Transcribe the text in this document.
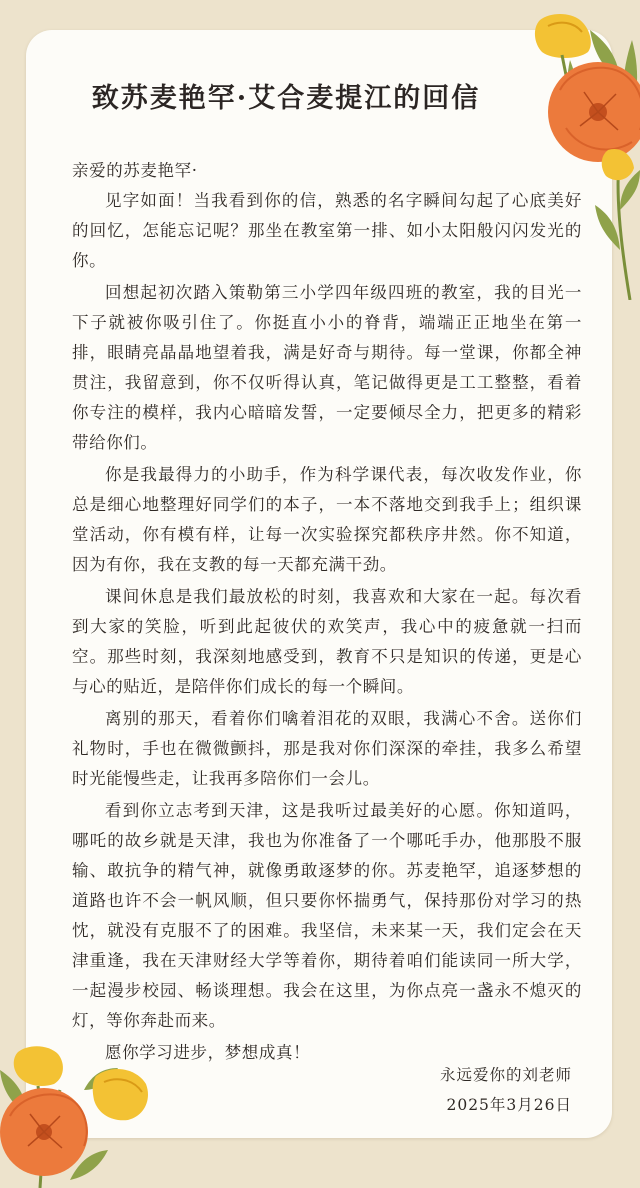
致苏麦艳罕·艾合麦提江的回信

亲爱的苏麦艳罕·

见字如面！当我看到你的信，熟悉的名字瞬间勾起了心底美好的回忆，怎能忘记呢？那坐在教室第一排、如小太阳般闪闪发光的你。

回想起初次踏入策勒第三小学四年级四班的教室，我的目光一下子就被你吸引住了。你挺直小小的脊背，端端正正地坐在第一排，眼睛亮晶晶地望着我，满是好奇与期待。每一堂课，你都全神贯注，我留意到，你不仅听得认真，笔记做得更是工工整整，看着你专注的模样，我内心暗暗发誓，一定要倾尽全力，把更多的精彩带给你们。

你是我最得力的小助手，作为科学课代表，每次收发作业，你总是细心地整理好同学们的本子，一本不落地交到我手上；组织课堂活动，你有模有样，让每一次实验探究都秩序井然。你不知道，因为有你，我在支教的每一天都充满干劲。

课间休息是我们最放松的时刻，我喜欢和大家在一起。每次看到大家的笑脸，听到此起彼伏的欢笑声，我心中的疲惫就一扫而空。那些时刻，我深刻地感受到，教育不只是知识的传递，更是心与心的贴近，是陪伴你们成长的每一个瞬间。

离别的那天，看着你们噙着泪花的双眼，我满心不舍。送你们礼物时，手也在微微颤抖，那是我对你们深深的牵挂，我多么希望时光能慢些走，让我再多陪你们一会儿。

看到你立志考到天津，这是我听过最美好的心愿。你知道吗，哪吒的故乡就是天津，我也为你准备了一个哪吒手办，他那股不服输、敢抗争的精气神，就像勇敢逐梦的你。苏麦艳罕，追逐梦想的道路也许不会一帆风顺，但只要你怀揣勇气，保持那份对学习的热忱，就没有克服不了的困难。我坚信，未来某一天，我们定会在天津重逢，我在天津财经大学等着你，期待着咱们能读同一所大学，一起漫步校园、畅谈理想。我会在这里，为你点亮一盏永不熄灭的灯，等你奔赴而来。

愿你学习进步，梦想成真！

永远爱你的刘老师
2025年3月26日
